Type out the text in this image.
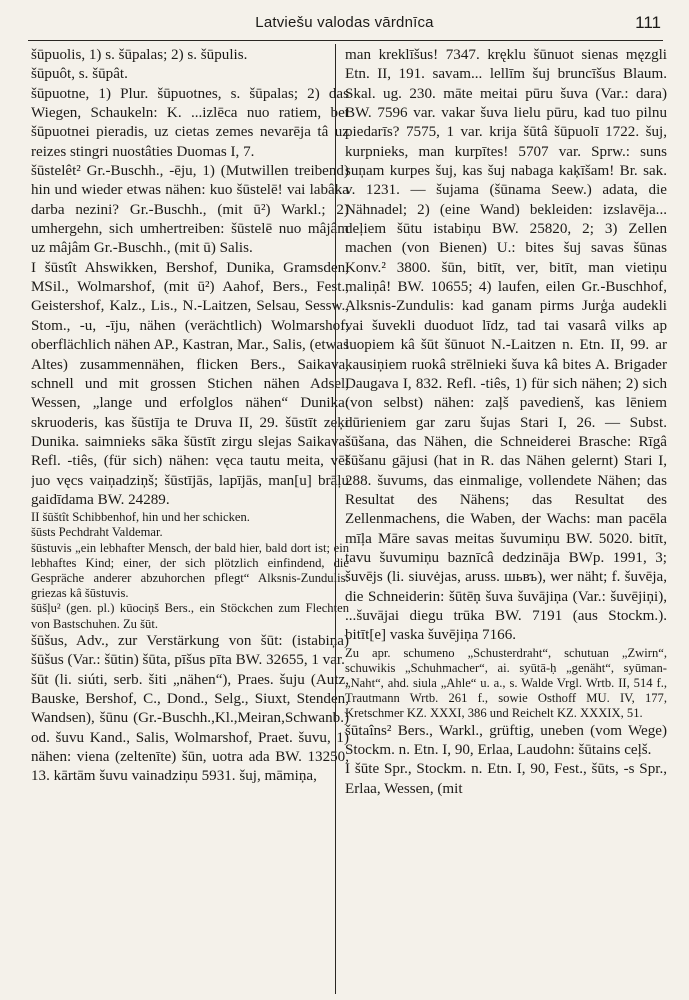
Latviešu valodas vārdnīca	111

šūpuolis, 1) s. šūpalas; 2) s. šūpulis.

šūpuôt, s. šūpât.

šūpuotne, 1) Plur. šūpuotnes, s. šūpalas; 2) das Wiegen, Schaukeln: K. ...izlēca nuo ratiem, bet šūpuotnei pieradis, uz cietas zemes nevarēja tâ uz reizes stingri nuostâties Duomas I, 7.

šūstelêt² Gr.-Buschh., -ēju, 1) (Mutwillen treibend) hin und wieder etwas nähen: kuo šūstelē! vai labâka darba nezini? Gr.-Buschh., (mit ū²) Warkl.; 2) umhergehn, sich umhertreiben: šūstelē nuo mâjâm uz mâjâm Gr.-Buschh., (mit ū) Salis.

I šūstît Ahswikken, Bershof, Dunika, Gramsden, MSil., Wolmarshof, (mit ū²) Aahof, Bers., Fest., Geistershof, Kalz., Lis., N.-Laitzen, Selsau, Sessw., Stom., -u, -īju, nähen (verächtlich) Wolmarshof, oberflächlich nähen AP., Kastran, Mar., Salis, (etwas Altes) zusammennähen, flicken Bers., Saikava, schnell und mit grossen Stichen nähen Adsel, Wessen, „lange und erfolglos nähen“ Dunika: skruoderis, kas šūstīja te Druva II, 29. šūstīt zeķi Dunika. saimnieks sāka šūstīt zirgu slejas Saikava. Refl. -tiês, (für sich) nähen: vęca tautu meita, vēl juo vęcs vaiņadziņš; šūstījās, lapījās, man[u] brāļu gaidīdama BW. 24289.

II šūštît Schibbenhof, hin und her schicken.

šūsts Pechdraht Valdemar.

šūstuvis „ein lebhafter Mensch, der bald hier, bald dort ist; ein lebhaftes Kind; einer, der sich plötzlich einfindend, die Gespräche anderer abzuhorchen pflegt“ Alksnis-Zundulis: griezas kâ šūstuvis.

šūšļu² (gen. pl.) kūociņš Bers., ein Stöckchen zum Flechten von Bastschuhen. Zu šūt.

šūšus, Adv., zur Verstärkung von šūt: (istabiņa) šūšus (Var.: šūtin) šūta, pīšus pīta BW. 32655, 1 var.

šūt (li. siúti, serb. šiti „nähen“), Praes. šuju (Autz, Bauske, Bershof, C., Dond., Selg., Siuxt, Stenden, Wandsen), šūnu (Gr.-Buschh.,Kl.,Meiran,Schwanb.) od. šuvu Kand., Salis, Wolmarshof, Praet. šuvu, 1) nähen: viena (zeltenīte) šūn, uotra ada BW. 13250, 13. kārtām šuvu vainadziņu 5931. šuj, māmiņa,

man kreklīšus! 7347. kręklu šūnuot sienas męzgli Etn. II, 191. savam... lellīm šuj bruncīšus Blaum. Skal. ug. 230. māte meitai pūru šuva (Var.: dara) BW. 7596 var. vakar šuva lielu pūru, kad tuo pilnu piedarīs? 7575, 1 var. krija šūtâ šūpuolī 1722. šuj, kurpnieks, man kurpītes! 5707 var. Sprw.: suns suņam kurpes šuj, kas šuj nabaga kaķīšam! Br. sak. v. 1231. — šujama (šūnama Seew.) adata, die Nähnadel; 2) (eine Wand) bekleiden: izslavēja... deļiem šūtu istabiņu BW. 25820, 2; 3) Zellen machen (von Bienen) U.: bites šuj savas šūnas Konv.² 3800. šūn, bitīt, ver, bitīt, man vietiņu maliņâ! BW. 10655; 4) laufen, eilen Gr.-Buschhof, Alksnis-Zundulis: kad ganam pirms Jurģa audekli vai šuvekli duoduot līdz, tad tai vasarâ vilks ap luopiem kâ šūt šūnuot N.-Laitzen n. Etn. II, 99. ar kausiņiem ruokâ strēlnieki šuva kâ bites A. Brigader Daugava I, 832. Refl. -tiês, 1) für sich nähen; 2) sich (von selbst) nähen: zaļš pavedienš, kas lēniem dūrieniem gar zaru šujas Stari I, 26. — Subst. šūšana, das Nähen, die Schneiderei Brasche: Rīgâ šūšanu gājusi (hat in R. das Nähen gelernt) Stari I, 288. šuvums, das einmalige, vollendete Nähen; das Resultat des Nähens; das Resultat des Zellenmachens, die Waben, der Wachs: man pacēla mīļa Māre savas meitas šuvumiņu BW. 5020. bitīt, tavu šuvumiņu baznīcâ dedzināja BWp. 1991, 3; šuvējs (li. siuvėjas, aruss. шьвъ), wer näht; f. šuvēja, die Schneiderin: šūtēņ šuva šuvājiņa (Var.: šuvējiņi), ...šuvājai diegu trūka BW. 7191 (aus Stockm.). bitīt[e] vaska šuvējiņa 7166.

Zu apr. schumeno „Schusterdraht“, schutuan „Zwirn“, schuwikis „Schuhmacher“, ai. syūtā-ḥ „genäht“, syūman- „Naht“, ahd. siula „Ahle“ u. a., s. Walde Vrgl. Wrtb. II, 514 f., Trautmann Wrtb. 261 f., sowie Osthoff MU. IV, 177, Kretschmer KZ. XXXI, 386 und Reichelt KZ. XXXIX, 51.

šūtaîns² Bers., Warkl., grüftig, uneben (vom Wege) Stockm. n. Etn. I, 90, Erlaa, Laudohn: šūtains ceļš.

I šūte Spr., Stockm. n. Etn. I, 90, Fest., šūts, -s Spr., Erlaa, Wessen, (mit
